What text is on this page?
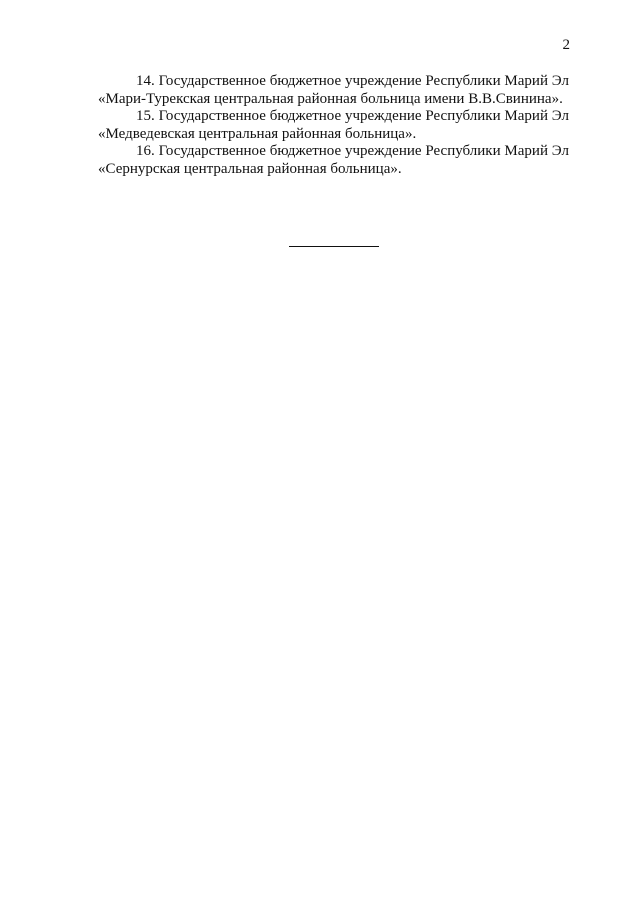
2

14. Государственное бюджетное учреждение Республики Марий Эл «Мари-Турекская центральная районная больница имени В.В.Свинина».

15. Государственное бюджетное учреждение Республики Марий Эл «Медведевская центральная районная больница».

16. Государственное бюджетное учреждение Республики Марий Эл «Сернурская центральная районная больница».
